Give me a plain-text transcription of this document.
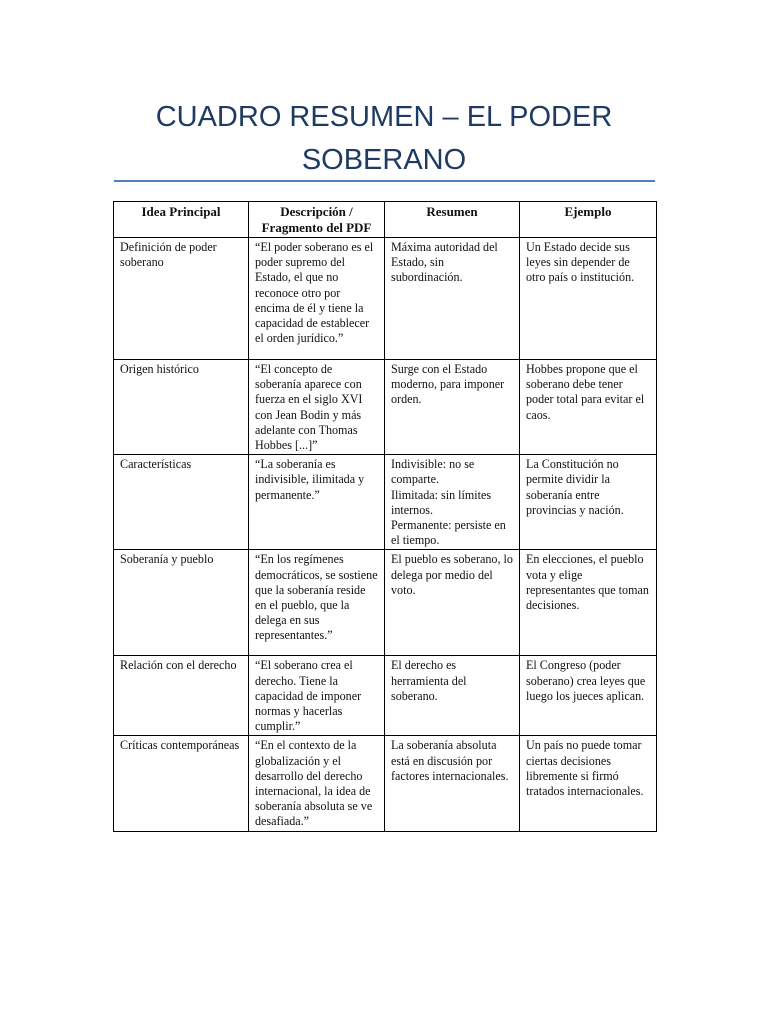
CUADRO RESUMEN – EL PODER SOBERANO
Idea Principal	Descripción / Fragmento del PDF	Resumen	Ejemplo
Definición de poder soberano	“El poder soberano es el poder supremo del Estado, el que no reconoce otro por encima de él y tiene la capacidad de establecer el orden jurídico.”	Máxima autoridad del Estado, sin subordinación.	Un Estado decide sus leyes sin depender de otro país o institución.
Origen histórico	“El concepto de soberanía aparece con fuerza en el siglo XVI con Jean Bodin y más adelante con Thomas Hobbes [...]”	Surge con el Estado moderno, para imponer orden.	Hobbes propone que el soberano debe tener poder total para evitar el caos.
Características	“La soberanía es indivisible, ilimitada y permanente.”	Indivisible: no se comparte.
Ilimitada: sin límites internos.
Permanente: persiste en el tiempo.	La Constitución no permite dividir la soberanía entre provincias y nación.
Soberanía y pueblo	“En los regímenes democráticos, se sostiene que la soberanía reside en el pueblo, que la delega en sus representantes.”	El pueblo es soberano, lo delega por medio del voto.	En elecciones, el pueblo vota y elige representantes que toman decisiones.
Relación con el derecho	“El soberano crea el derecho. Tiene la capacidad de imponer normas y hacerlas cumplir.”	El derecho es herramienta del soberano.	El Congreso (poder soberano) crea leyes que luego los jueces aplican.
Críticas contemporáneas	“En el contexto de la globalización y el desarrollo del derecho internacional, la idea de soberanía absoluta se ve desafiada.”	La soberanía absoluta está en discusión por factores internacionales.	Un país no puede tomar ciertas decisiones libremente si firmó tratados internacionales.
